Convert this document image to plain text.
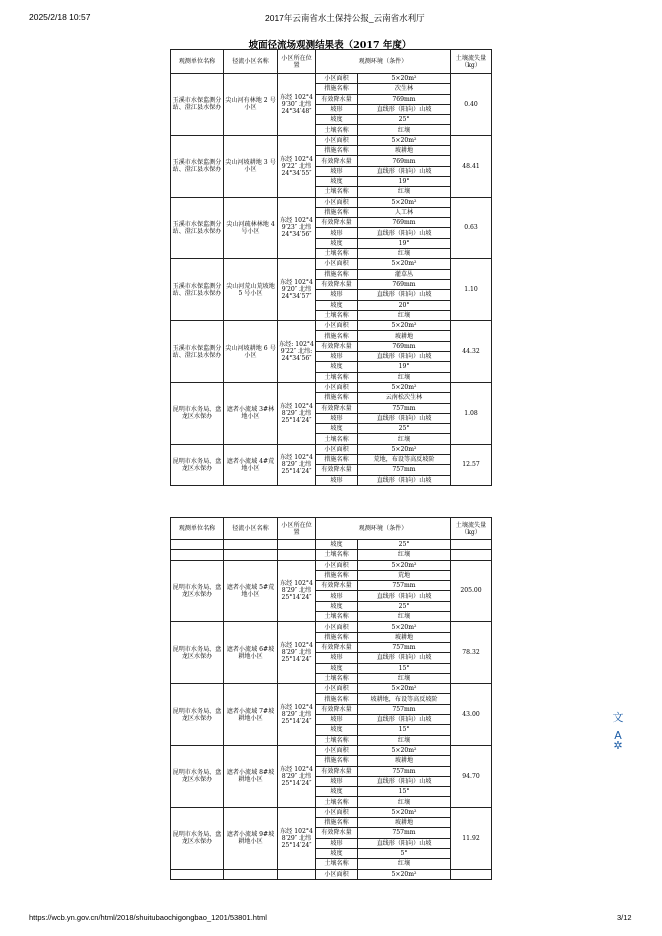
2025/2/18 10:57	2017年云南省水土保持公报_云南省水利厅
坡面径流场观测结果表（2017 年度）
观测单位名称	径流小区名称	小区所在位置	观测环境（条件）		土壤流失量（kg）
玉溪市水保监测分站、澄江县水保办	尖山河有林地 2 号小区	东经 102°49′30″ 北纬 24°34′48″	小区面积	5×20m²	0.40
			措施名称	次生林	
			有效降水量	769mm	
			坡形	直线形（阳向）山坡	
			坡度	25°	
			土壤名称	红壤	
玉溪市水保监测分站、澄江县水保办	尖山河坡耕地 3 号小区	东经 102°49′22″ 北纬 24°34′55″	小区面积	5×20m²	48.41
			措施名称	坡耕地	
			有效降水量	769mm	
			坡形	直线形（阳向）山坡	
			坡度	19°	
			土壤名称	红壤	
玉溪市水保监测分站、澄江县水保办	尖山河疏林林地 4 号小区	东经 102°49′23″ 北纬 24°34′56″	小区面积	5×20m²	0.63
			措施名称	人工林	
			有效降水量	769mm	
			坡形	直线形（阳向）山坡	
			坡度	19°	
			土壤名称	红壤	
玉溪市水保监测分站、澄江县水保办	尖山河荒山荒坡地 5 号小区	东经 102°49′20″ 北纬 24°34′57″	小区面积	5×20m²	1.10
			措施名称	灌草丛	
			有效降水量	769mm	
			坡形	直线形（阳向）山坡	
			坡度	20°	
			土壤名称	红壤	
玉溪市水保监测分站、澄江县水保办	尖山河坡耕地 6 号小区	东经: 102°49′22″ 北纬:24°34′56″	小区面积	5×20m²	44.32
			措施名称	坡耕地	
			有效降水量	769mm	
			坡形	直线形（阳向）山坡	
			坡度	19°	
			土壤名称	红壤	
昆明市水务局、盘龙区水保办	遮者小流域 3#林地小区	东经 102°48′29″ 北纬 25°14′24″	小区面积	5×20m²	1.08
			措施名称	云南松次生林	
			有效降水量	757mm	
			坡形	直线形（阳向）山坡	
			坡度	25°	
			土壤名称	红壤	
昆明市水务局、盘龙区水保办	遮者小流域 4#荒地小区	东经 102°48′29″ 北纬 25°14′24″	小区面积	5×20m²	12.57
			措施名称	荒地，布设等高反坡阶	
			有效降水量	757mm	
			坡形	直线形（阳向）山坡	
观测单位名称	径流小区名称	小区所在位置	观测环境（条件）		土壤流失量（kg）
			坡度	25°	
			土壤名称	红壤	
昆明市水务局、盘龙区水保办	遮者小流域 5#荒地小区	东经 102°48′29″ 北纬 25°14′24″	小区面积	5×20m²	205.00
			措施名称	荒地	
			有效降水量	757mm	
			坡形	直线形（阳向）山坡	
			坡度	25°	
			土壤名称	红壤	
昆明市水务局、盘龙区水保办	遮者小流域 6#坡耕地小区	东经 102°48′29″ 北纬 25°14′24″	小区面积	5×20m²	78.32
			措施名称	坡耕地	
			有效降水量	757mm	
			坡形	直线形（阳向）山坡	
			坡度	15°	
			土壤名称	红壤	
昆明市水务局、盘龙区水保办	遮者小流域 7#坡耕地小区	东经 102°48′29″ 北纬 25°14′24″	小区面积	5×20m²	43.00
			措施名称	坡耕地，布设等高反坡阶	
			有效降水量	757mm	
			坡形	直线形（阳向）山坡	
			坡度	15°	
			土壤名称	红壤	
昆明市水务局、盘龙区水保办	遮者小流域 8#坡耕地小区	东经 102°48′29″ 北纬 25°14′24″	小区面积	5×20m²	94.70
			措施名称	坡耕地	
			有效降水量	757mm	
			坡形	直线形（阳向）山坡	
			坡度	15°	
			土壤名称	红壤	
昆明市水务局、盘龙区水保办	遮者小流域 9#坡耕地小区	东经 102°48′29″ 北纬 25°14′24″	小区面积	5×20m²	11.92
			措施名称	坡耕地	
			有效降水量	757mm	
			坡形	直线形（阳向）山坡	
			坡度	5°	
			土壤名称	红壤	
			小区面积	5×20m²	
文A
✲
https://wcb.yn.gov.cn/html/2018/shuitubaochigongbao_1201/53801.html	3/12
